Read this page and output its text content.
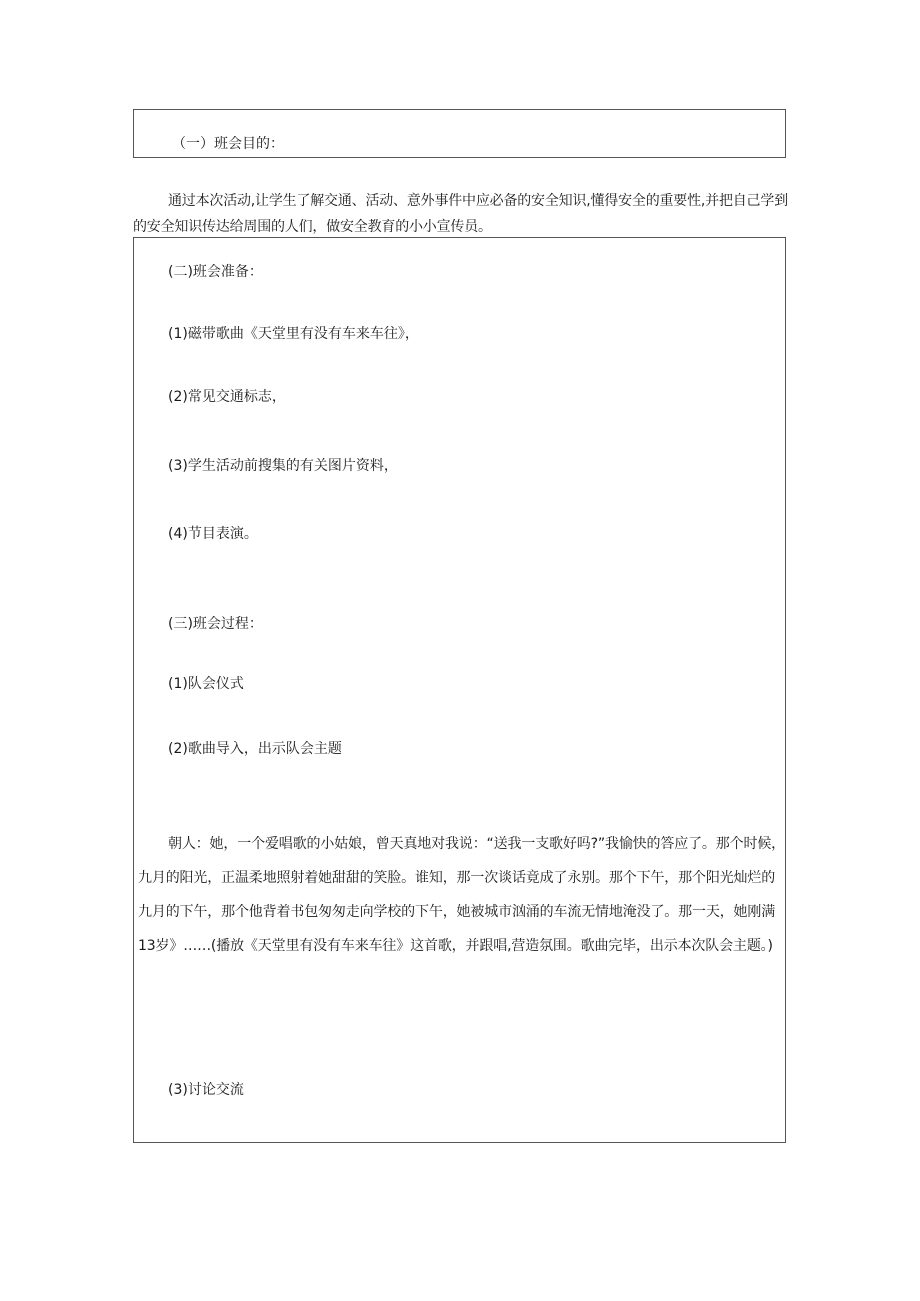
（一）班会目的：

通过本次活动,让学生了解交通、活动、意外事件中应必备的安全知识,懂得安全的重要性,并把自己学到的安全知识传达给周围的人们，做安全教育的小小宣传员。

(二)班会准备：
(1)磁带歌曲《天堂里有没有车来车往》，
(2)常见交通标志，
(3)学生活动前搜集的有关图片资料，
(4)节目表演。
(三)班会过程：
(1)队会仪式
(2)歌曲导入，出示队会主题

朝人：她，一个爱唱歌的小姑娘，曾天真地对我说：“送我一支歌好吗?”我愉快的答应了。那个时候，九月的阳光，正温柔地照射着她甜甜的笑脸。谁知，那一次谈话竟成了永别。那个下午，那个阳光灿烂的九月的下午，那个他背着书包匆匆走向学校的下午，她被城市汹涌的车流无情地淹没了。那一天，她刚满13岁》……(播放《天堂里有没有车来车往》这首歌，并跟唱,营造氛围。歌曲完毕，出示本次队会主题。)

(3)讨论交流
